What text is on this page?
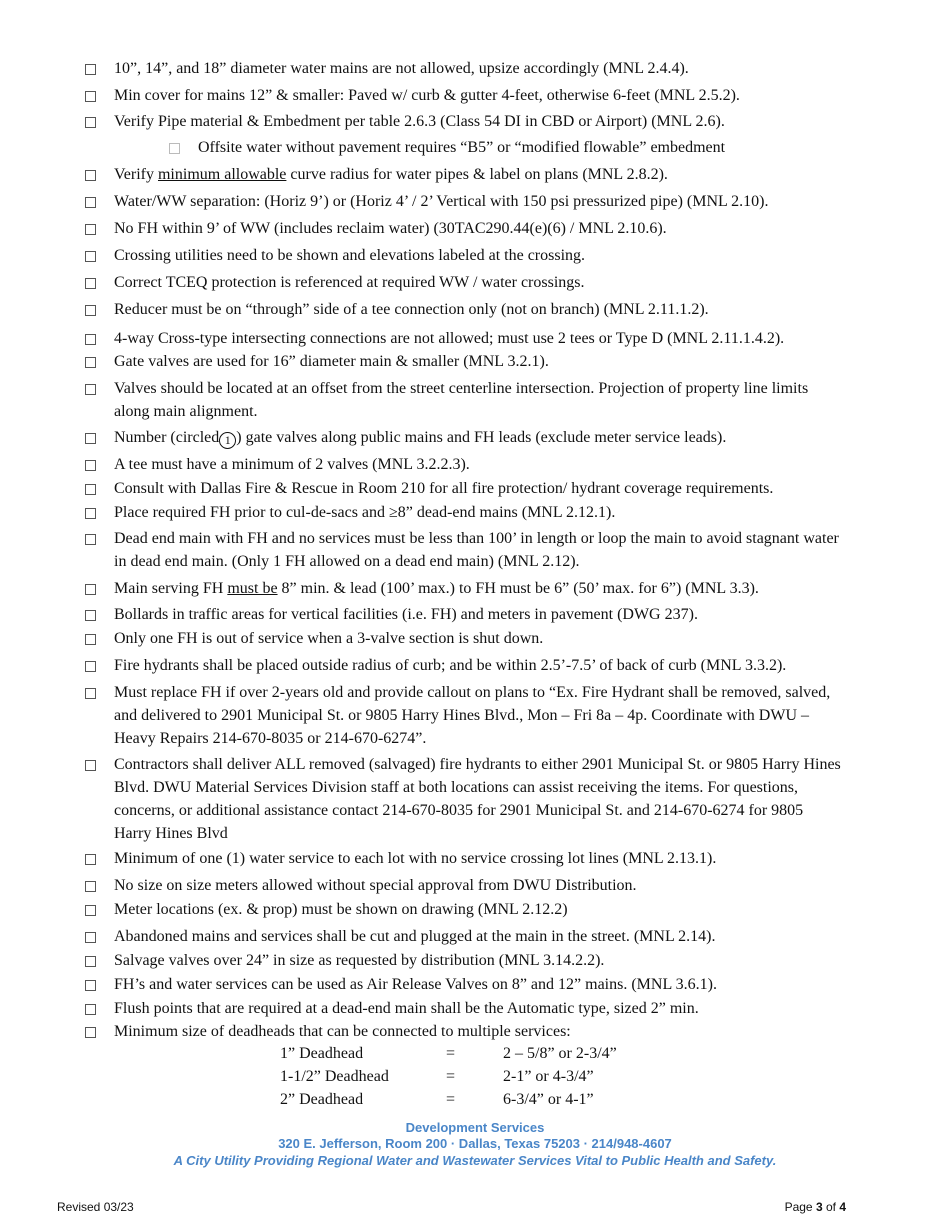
10”, 14”, and 18” diameter water mains are not allowed, upsize accordingly (MNL 2.4.4).
Min cover for mains 12” & smaller: Paved w/ curb & gutter 4-feet, otherwise 6-feet (MNL 2.5.2).
Verify Pipe material & Embedment per table 2.6.3 (Class 54 DI in CBD or Airport) (MNL 2.6).
Offsite water without pavement requires “B5” or “modified flowable” embedment
Verify minimum allowable curve radius for water pipes & label on plans (MNL 2.8.2).
Water/WW separation: (Horiz 9’) or (Horiz 4’ / 2’ Vertical with 150 psi pressurized pipe) (MNL 2.10).
No FH within 9’ of WW (includes reclaim water) (30TAC290.44(e)(6) / MNL 2.10.6).
Crossing utilities need to be shown and elevations labeled at the crossing.
Correct TCEQ protection is referenced at required WW / water crossings.
Reducer must be on “through” side of a tee connection only (not on branch) (MNL 2.11.1.2).
4-way Cross-type intersecting connections are not allowed; must use 2 tees or Type D (MNL 2.11.1.4.2).
Gate valves are used for 16” diameter main & smaller (MNL 3.2.1).
Valves should be located at an offset from the street centerline intersection. Projection of property line limits along main alignment.
Number (circled 1 ) gate valves along public mains and FH leads (exclude meter service leads).
A tee must have a minimum of 2 valves (MNL 3.2.2.3).
Consult with Dallas Fire & Rescue in Room 210 for all fire protection/ hydrant coverage requirements.
Place required FH prior to cul-de-sacs and ≥8” dead-end mains (MNL 2.12.1).
Dead end main with FH and no services must be less than 100’ in length or loop the main to avoid stagnant water in dead end main. (Only 1 FH allowed on a dead end main) (MNL 2.12).
Main serving FH must be 8” min. & lead (100’ max.) to FH must be 6” (50’ max. for 6”) (MNL 3.3).
Bollards in traffic areas for vertical facilities (i.e. FH) and meters in pavement (DWG 237).
Only one FH is out of service when a 3-valve section is shut down.
Fire hydrants shall be placed outside radius of curb; and be within 2.5’-7.5’ of back of curb (MNL 3.3.2).
Must replace FH if over 2-years old and provide callout on plans to “Ex. Fire Hydrant shall be removed, salved, and delivered to 2901 Municipal St. or 9805 Harry Hines Blvd., Mon – Fri 8a – 4p. Coordinate with DWU – Heavy Repairs 214-670-8035 or 214-670-6274”.
Contractors shall deliver ALL removed (salvaged) fire hydrants to either 2901 Municipal St. or 9805 Harry Hines Blvd. DWU Material Services Division staff at both locations can assist receiving the items. For questions, concerns, or additional assistance contact 214-670-8035 for 2901 Municipal St. and 214-670-6274 for 9805 Harry Hines Blvd
Minimum of one (1) water service to each lot with no service crossing lot lines (MNL 2.13.1).
No size on size meters allowed without special approval from DWU Distribution.
Meter locations (ex. & prop) must be shown on drawing (MNL 2.12.2)
Abandoned mains and services shall be cut and plugged at the main in the street. (MNL 2.14).
Salvage valves over 24” in size as requested by distribution (MNL 3.14.2.2).
FH’s and water services can be used as Air Release Valves on 8” and 12” mains. (MNL 3.6.1).
Flush points that are required at a dead-end main shall be the Automatic type, sized 2” min.
Minimum size of deadheads that can be connected to multiple services:
1” Deadhead	=	2 – 5/8” or 2-3/4”
1-1/2” Deadhead	=	2-1” or 4-3/4”
2” Deadhead	=	6-3/4” or 4-1”
Development Services
320 E. Jefferson, Room 200 · Dallas, Texas 75203 · 214/948-4607
A City Utility Providing Regional Water and Wastewater Services Vital to Public Health and Safety.
Revised 03/23	Page 3 of 4
